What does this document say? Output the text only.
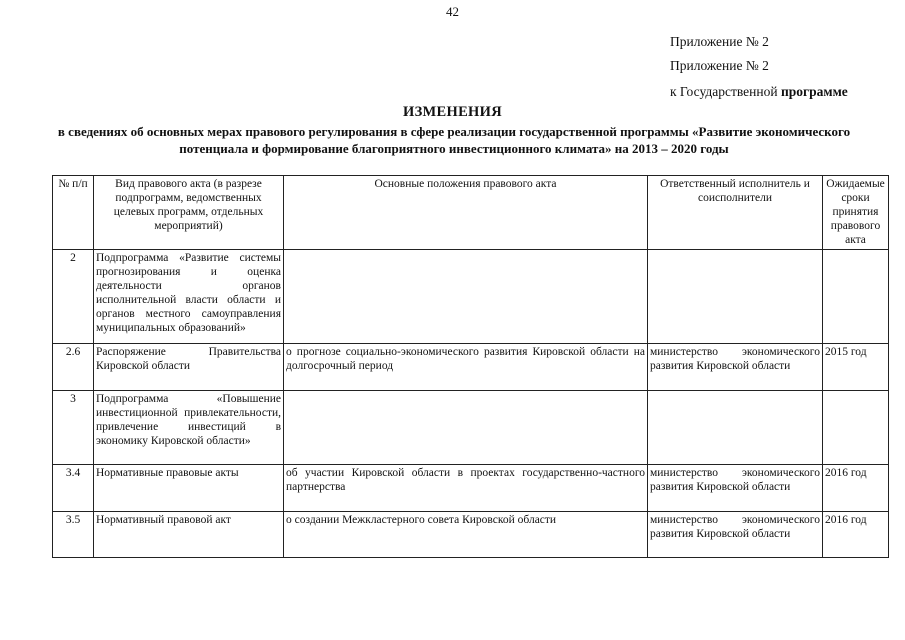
42
Приложение № 2
Приложение № 2
к Государственной программе
ИЗМЕНЕНИЯ
в сведениях об основных мерах правового регулирования в сфере реализации государственной программы «Развитие экономического потенциала и формирование благоприятного инвестиционного климата» на 2013 – 2020 годы
№ п/п	Вид правового акта (в разрезе подпрограмм, ведомственных целевых программ, отдельных мероприятий)	Основные положения правового акта	Ответственный исполнитель и соисполнители	Ожидаемые сроки принятия правового акта
2	Подпрограмма «Развитие системы прогнозирования и оценка деятельности органов исполнительной власти области и органов местного самоуправления муниципальных образований»			
2.6	Распоряжение Правительства Кировской области	о прогнозе социально-экономического развития Кировской области на долгосрочный период	министерство экономического развития Кировской области	2015 год
3	Подпрограмма «Повышение инвестиционной привлекательности, привлечение инвестиций в экономику Кировской области»			
3.4	Нормативные правовые акты	об участии Кировской области в проектах государственно-частного партнерства	министерство экономического развития Кировской области	2016 год
3.5	Нормативный правовой акт	о создании Межкластерного совета Кировской области	министерство экономического развития Кировской области	2016 год
